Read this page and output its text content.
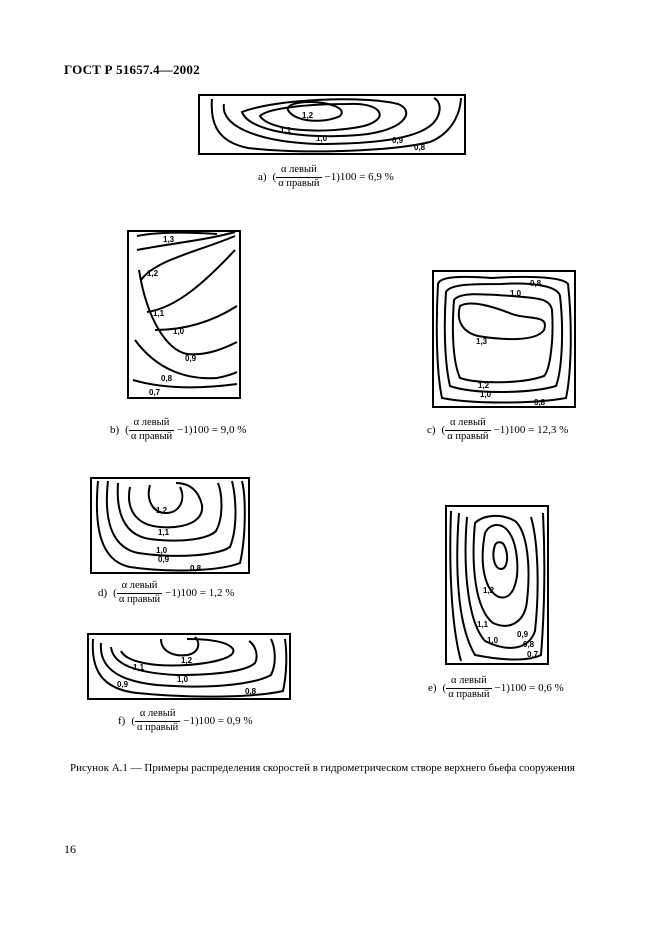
ГОСТ Р 51657.4—2002
1,2
1,1
1,0	0,9
0,8
a) ( $\frac{\text{α левый}}{\text{α правый}} -1)100 = 6,9$ %
1,3
1,2
1,1
1,0
0,9
0,8
0,7
b) ( $\frac{\text{α левый}}{\text{α правый}} -1)100 = 9,0$ %
0,8
1,0
1,3
1,2
1,0
0,8
c) ( $\frac{\text{α левый}}{\text{α правый}} -1)100 = 12,3$ %
1,2
1,1
1,0
0,9
0,8
d) ( $\frac{\text{α левый}}{\text{α правый}} -1)100 = 1,2$ %	1,2
1,1
1,0
0,9
0,8
0,7
e) ( $\frac{\text{α левый}}{\text{α правый}} -1)100 = 0,6$ %
1,2
1,1
1,0
0,9
0,8
f) ( $\frac{\text{α левый}}{\text{α правый}} -1)100 = 0,9$ %
Рисунок А.1 — Примеры распределения скоростей в гидрометрическом створе верхнего бьефа сооружения
16
